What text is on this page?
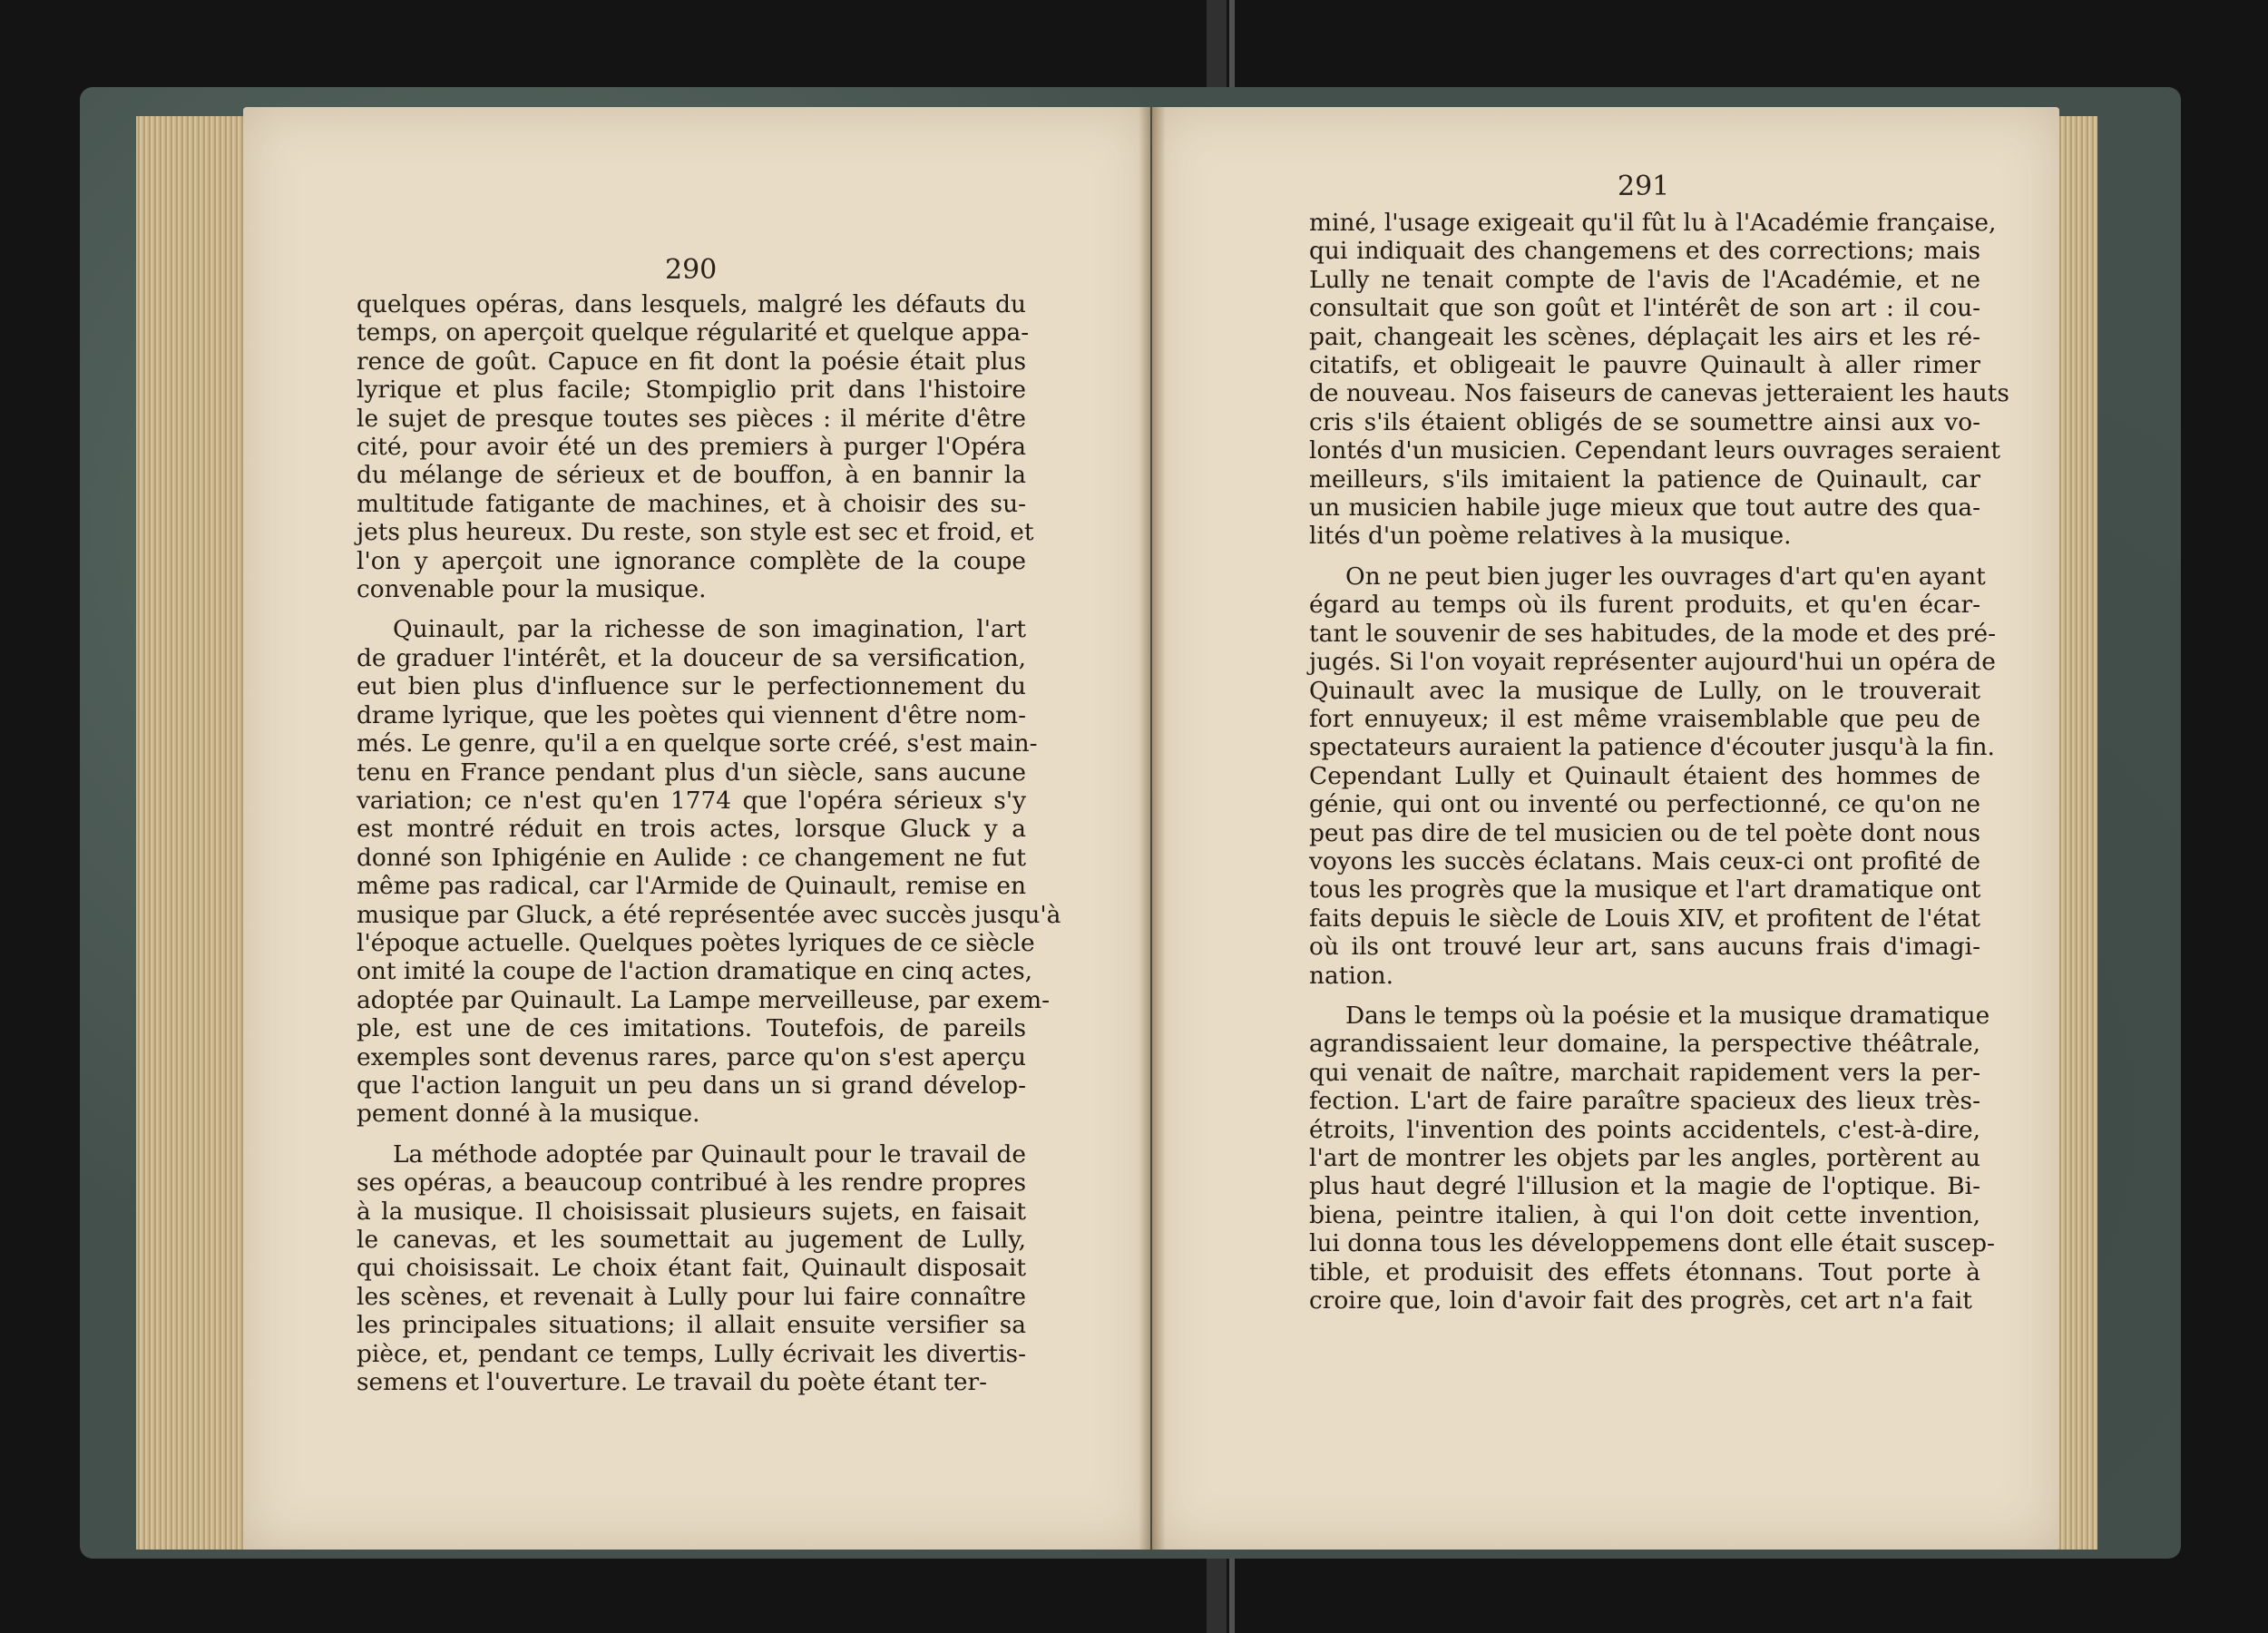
290
291
quelques opéras, dans lesquels, malgré les défauts du
temps, on aperçoit quelque régularité et quelque appa-
rence de goût. Capuce en fit dont la poésie était plus
lyrique et plus facile; Stompiglio prit dans l'histoire
le sujet de presque toutes ses pièces : il mérite d'être
cité, pour avoir été un des premiers à purger l'Opéra
du mélange de sérieux et de bouffon, à en bannir la
multitude fatigante de machines, et à choisir des su-
jets plus heureux. Du reste, son style est sec et froid, et
l'on y aperçoit une ignorance complète de la coupe
convenable pour la musique.
Quinault, par la richesse de son imagination, l'art
de graduer l'intérêt, et la douceur de sa versification,
eut bien plus d'influence sur le perfectionnement du
drame lyrique, que les poètes qui viennent d'être nom-
més. Le genre, qu'il a en quelque sorte créé, s'est main-
tenu en France pendant plus d'un siècle, sans aucune
variation; ce n'est qu'en 1774 que l'opéra sérieux s'y
est montré réduit en trois actes, lorsque Gluck y a
donné son Iphigénie en Aulide : ce changement ne fut
même pas radical, car l'Armide de Quinault, remise en
musique par Gluck, a été représentée avec succès jusqu'à
l'époque actuelle. Quelques poètes lyriques de ce siècle
ont imité la coupe de l'action dramatique en cinq actes,
adoptée par Quinault. La Lampe merveilleuse, par exem-
ple, est une de ces imitations. Toutefois, de pareils
exemples sont devenus rares, parce qu'on s'est aperçu
que l'action languit un peu dans un si grand dévelop-
pement donné à la musique.
La méthode adoptée par Quinault pour le travail de
ses opéras, a beaucoup contribué à les rendre propres
à la musique. Il choisissait plusieurs sujets, en faisait
le canevas, et les soumettait au jugement de Lully,
qui choisissait. Le choix étant fait, Quinault disposait
les scènes, et revenait à Lully pour lui faire connaître
les principales situations; il allait ensuite versifier sa
pièce, et, pendant ce temps, Lully écrivait les divertis-
semens et l'ouverture. Le travail du poète étant ter-
miné, l'usage exigeait qu'il fût lu à l'Académie française,
qui indiquait des changemens et des corrections; mais
Lully ne tenait compte de l'avis de l'Académie, et ne
consultait que son goût et l'intérêt de son art : il cou-
pait, changeait les scènes, déplaçait les airs et les ré-
citatifs, et obligeait le pauvre Quinault à aller rimer
de nouveau. Nos faiseurs de canevas jetteraient les hauts
cris s'ils étaient obligés de se soumettre ainsi aux vo-
lontés d'un musicien. Cependant leurs ouvrages seraient
meilleurs, s'ils imitaient la patience de Quinault, car
un musicien habile juge mieux que tout autre des qua-
lités d'un poème relatives à la musique.
On ne peut bien juger les ouvrages d'art qu'en ayant
égard au temps où ils furent produits, et qu'en écar-
tant le souvenir de ses habitudes, de la mode et des pré-
jugés. Si l'on voyait représenter aujourd'hui un opéra de
Quinault avec la musique de Lully, on le trouverait
fort ennuyeux; il est même vraisemblable que peu de
spectateurs auraient la patience d'écouter jusqu'à la fin.
Cependant Lully et Quinault étaient des hommes de
génie, qui ont ou inventé ou perfectionné, ce qu'on ne
peut pas dire de tel musicien ou de tel poète dont nous
voyons les succès éclatans. Mais ceux-ci ont profité de
tous les progrès que la musique et l'art dramatique ont
faits depuis le siècle de Louis XIV, et profitent de l'état
où ils ont trouvé leur art, sans aucuns frais d'imagi-
nation.
Dans le temps où la poésie et la musique dramatique
agrandissaient leur domaine, la perspective théâtrale,
qui venait de naître, marchait rapidement vers la per-
fection. L'art de faire paraître spacieux des lieux très-
étroits, l'invention des points accidentels, c'est-à-dire,
l'art de montrer les objets par les angles, portèrent au
plus haut degré l'illusion et la magie de l'optique. Bi-
biena, peintre italien, à qui l'on doit cette invention,
lui donna tous les développemens dont elle était suscep-
tible, et produisit des effets étonnans. Tout porte à
croire que, loin d'avoir fait des progrès, cet art n'a fait
